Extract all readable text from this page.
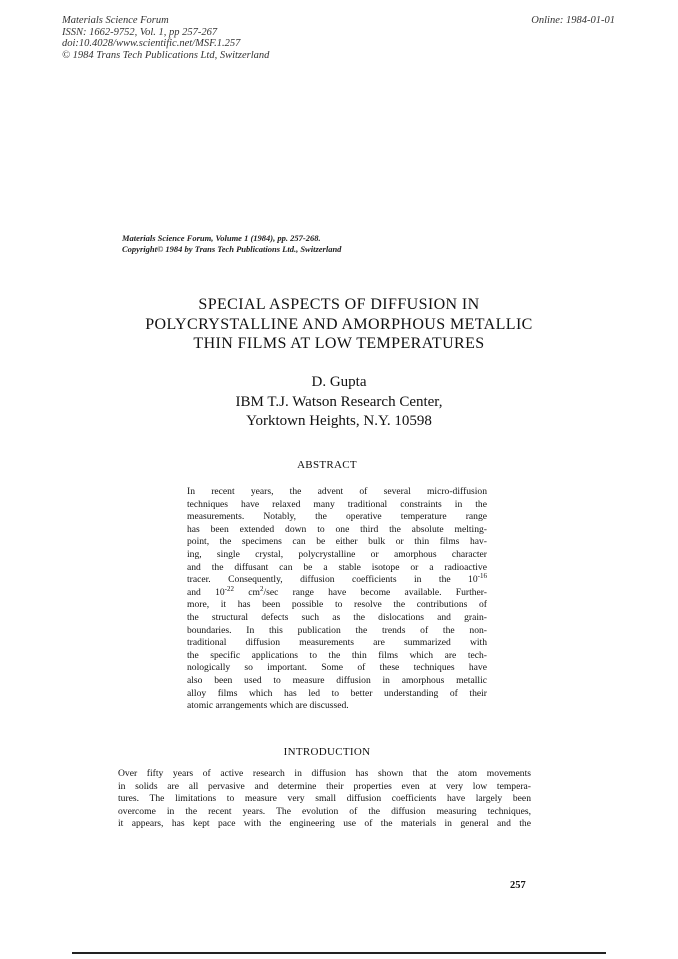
Materials Science Forum
ISSN: 1662-9752, Vol. 1, pp 257-267
doi:10.4028/www.scientific.net/MSF.1.257
© 1984 Trans Tech Publications Ltd, Switzerland
Online: 1984-01-01
Materials Science Forum, Volume 1 (1984), pp. 257-268.
Copyright© 1984 by Trans Tech Publications Ltd., Switzerland
SPECIAL ASPECTS OF DIFFUSION IN
POLYCRYSTALLINE AND AMORPHOUS METALLIC
THIN FILMS AT LOW TEMPERATURES
D. Gupta
IBM T.J. Watson Research Center,
Yorktown Heights, N.Y. 10598
ABSTRACT
In recent years, the advent of several micro-diffusion
techniques have relaxed many traditional constraints in the
measurements. Notably, the operative temperature range
has been extended down to one third the absolute melting-
point, the specimens can be either bulk or thin films hav-
ing, single crystal, polycrystalline or amorphous character
and the diffusant can be a stable isotope or a radioactive
tracer. Consequently, diffusion coefficients in the $10^{-16}$
and $10^{-22}$ $cm^2/\sec$ range have become available. Further-
more, it has been possible to resolve the contributions of
the structural defects such as the dislocations and grain-
boundaries. In this publication the trends of the non-
traditional diffusion measurements are summarized with
the specific applications to the thin films which are tech-
nologically so important. Some of these techniques have
also been used to measure diffusion in amorphous metallic
alloy films which has led to better understanding of their
atomic arrangements which are discussed.
INTRODUCTION
Over fifty years of active research in diffusion has shown that the atom movements
in solids are all pervasive and determine their properties even at very low tempera-
tures. The limitations to measure very small diffusion coefficients have largely been
overcome in the recent years. The evolution of the diffusion measuring techniques,
it appears, has kept pace with the engineering use of the materials in general and the
257
